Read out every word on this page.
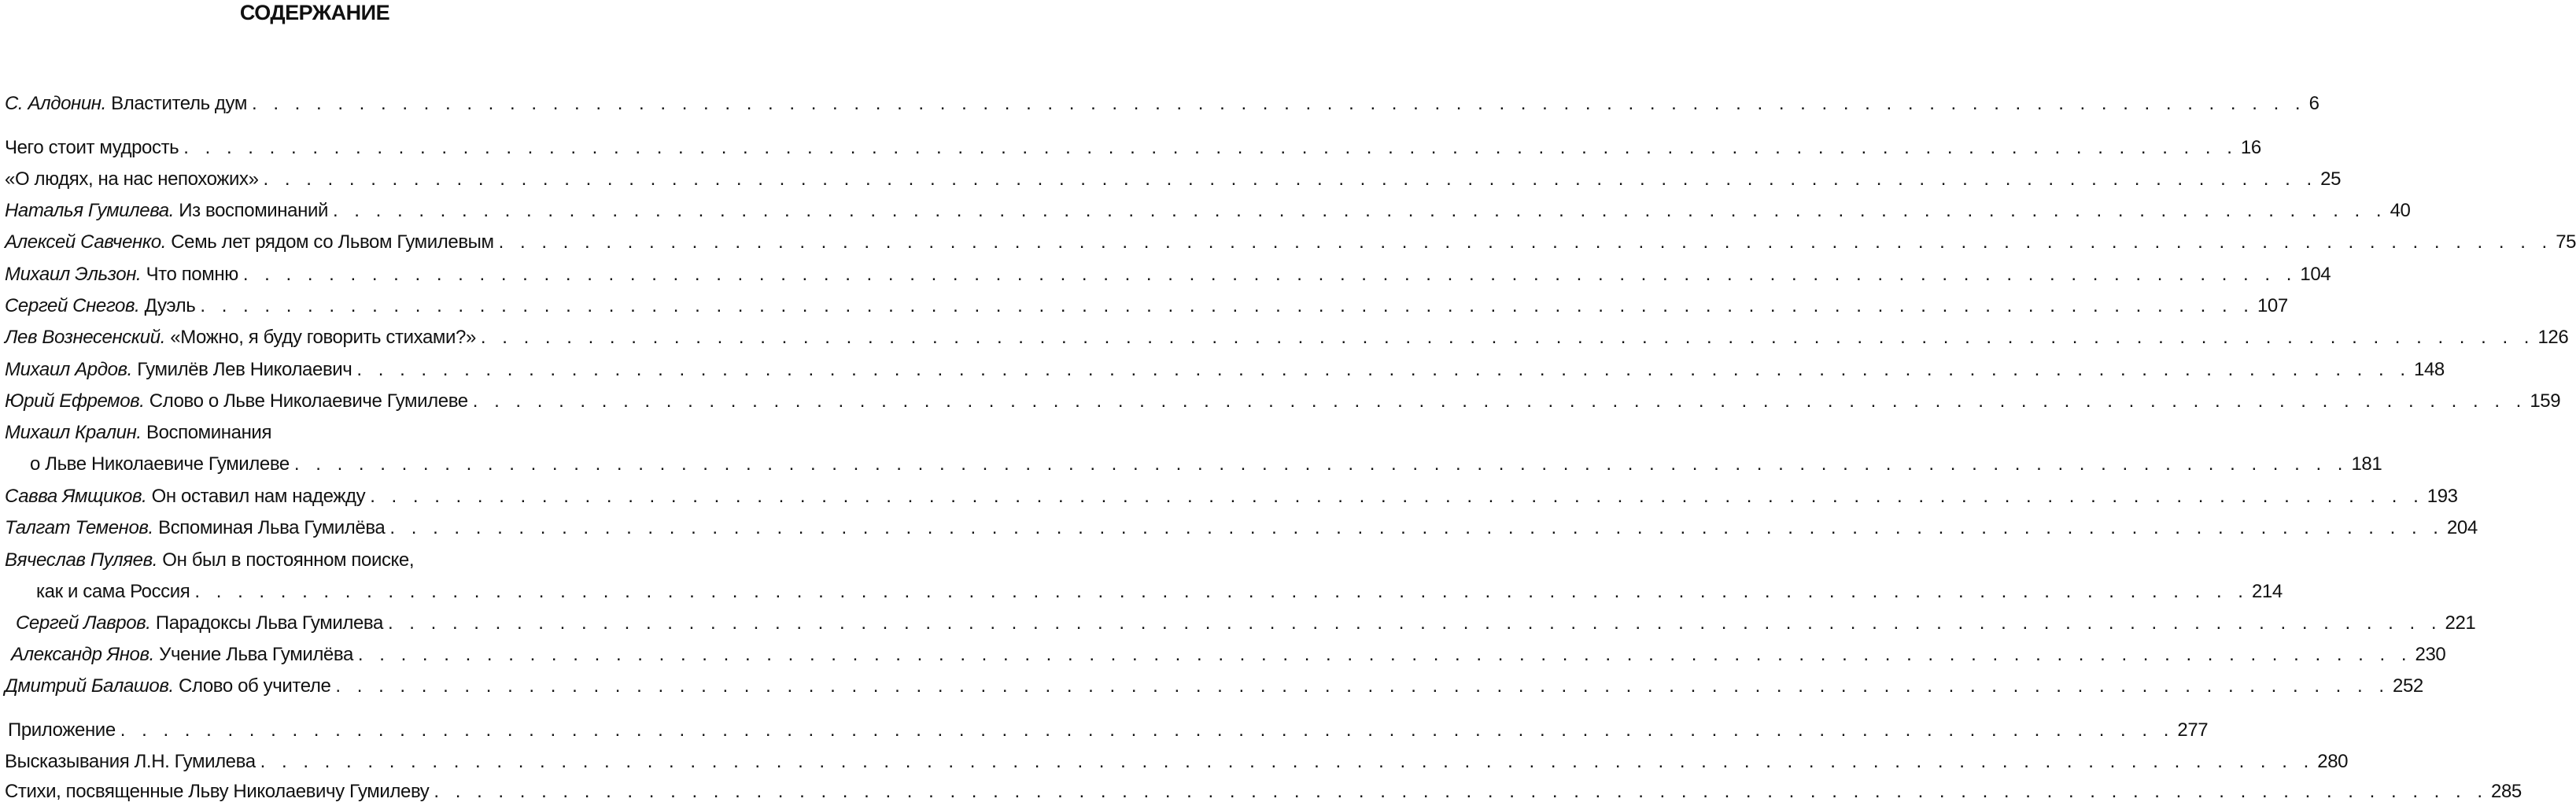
СОДЕРЖАНИЕ
С. Алдонин. Властитель дум . . .	6
Чего стоит мудрость . . .	16
«О людях, на нас непохожих» . . .	25
Наталья Гумилева. Из воспоминаний . . .	40
Алексей Савченко. Семь лет рядом со Львом Гумилевым . . .	75
Михаил Эльзон. Что помню . . .	104
Сергей Снегов. Дуэль . . .	107
Лев Вознесенский. «Можно, я буду говорить стихами?» . . .	126
Михаил Ардов. Гумилёв Лев Николаевич . . .	148
Юрий Ефремов. Слово о Льве Николаевиче Гумилеве . . .	159
Михаил Кралин. Воспоминания
о Льве Николаевиче Гумилеве . . .	181
Савва Ямщиков. Он оставил нам надежду . . .	193
Талгат Теменов. Вспоминая Льва Гумилёва . . .	204
Вячеслав Пуляев. Он был в постоянном поиске,
как и сама Россия . . .	214
Сергей Лавров. Парадоксы Льва Гумилева . . .	221
Александр Янов. Учение Льва Гумилёва . . .	230
Дмитрий Балашов. Слово об учителе . . .	252
Приложение . . .	277
Высказывания Л.Н. Гумилева . . .	280
Стихи, посвященные Льву Николаевичу Гумилеву . . .	285
